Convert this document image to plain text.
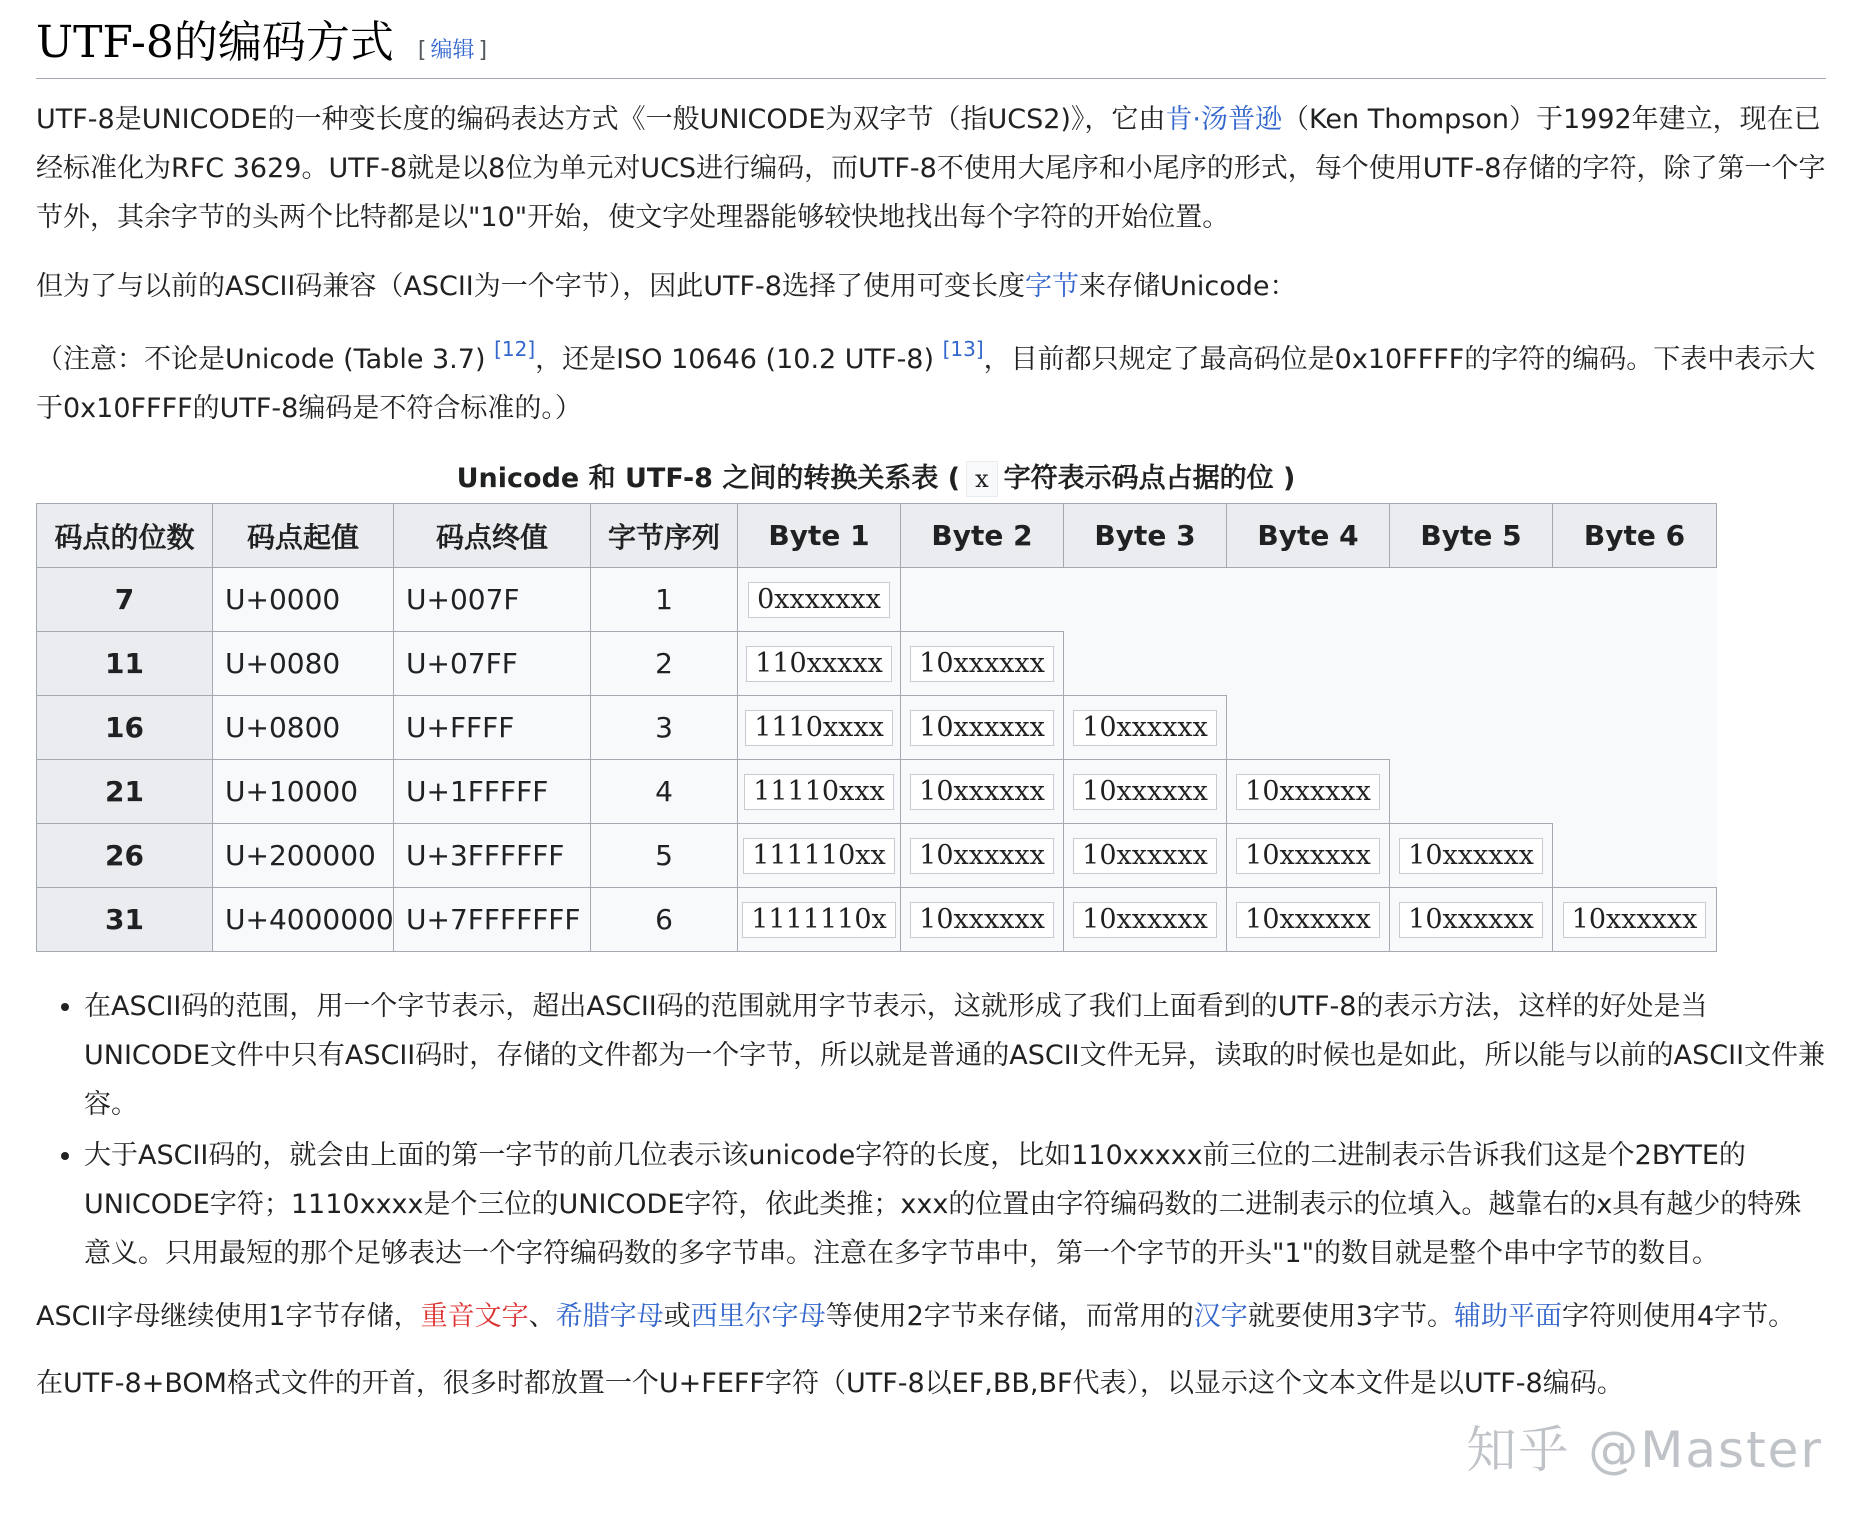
UTF-8的编码方式 [ 编辑 ]

UTF-8是UNICODE的一种变长度的编码表达方式《一般UNICODE为双字节（指UCS2)》，它由肯·汤普逊（Ken Thompson）于1992年建立，现在已经标准化为RFC 3629。UTF-8就是以8位为单元对UCS进行编码，而UTF-8不使用大尾序和小尾序的形式，每个使用UTF-8存储的字符，除了第一个字节外，其余字节的头两个比特都是以"10"开始，使文字处理器能够较快地找出每个字符的开始位置。

但为了与以前的ASCII码兼容（ASCII为一个字节），因此UTF-8选择了使用可变长度字节来存储Unicode：

（注意：不论是Unicode (Table 3.7) [12]，还是ISO 10646 (10.2 UTF-8) [13]，目前都只规定了最高码位是0x10FFFF的字符的编码。下表中表示大于0x10FFFF的UTF-8编码是不符合标准的。）

Unicode 和 UTF-8 之间的转换关系表 ( x 字符表示码点占据的位 )
码点的位数	码点起值	码点终值	字节序列	Byte 1	Byte 2	Byte 3	Byte 4	Byte 5	Byte 6
7	U+0000	U+007F	1	0xxxxxxx					
11	U+0080	U+07FF	2	110xxxxx	10xxxxxx				
16	U+0800	U+FFFF	3	1110xxxx	10xxxxxx	10xxxxxx			
21	U+10000	U+1FFFFF	4	11110xxx	10xxxxxx	10xxxxxx	10xxxxxx		
26	U+200000	U+3FFFFFF	5	111110xx	10xxxxxx	10xxxxxx	10xxxxxx	10xxxxxx	
31	U+4000000	U+7FFFFFFF	6	1111110x	10xxxxxx	10xxxxxx	10xxxxxx	10xxxxxx	10xxxxxx
• 在ASCII码的范围，用一个字节表示，超出ASCII码的范围就用字节表示，这就形成了我们上面看到的UTF-8的表示方法，这样的好处是当UNICODE文件中只有ASCII码时，存储的文件都为一个字节，所以就是普通的ASCII文件无异，读取的时候也是如此，所以能与以前的ASCII文件兼容。
• 大于ASCII码的，就会由上面的第一字节的前几位表示该unicode字符的长度，比如110xxxxx前三位的二进制表示告诉我们这是个2BYTE的UNICODE字符；1110xxxx是个三位的UNICODE字符，依此类推；xxx的位置由字符编码数的二进制表示的位填入。越靠右的x具有越少的特殊意义。只用最短的那个足够表达一个字符编码数的多字节串。注意在多字节串中，第一个字节的开头"1"的数目就是整个串中字节的数目。

ASCII字母继续使用1字节存储，重音文字、希腊字母或西里尔字母等使用2字节来存储，而常用的汉字就要使用3字节。辅助平面字符则使用4字节。

在UTF-8+BOM格式文件的开首，很多时都放置一个U+FEFF字符（UTF-8以EF,BB,BF代表），以显示这个文本文件是以UTF-8编码。

知乎 @Master
